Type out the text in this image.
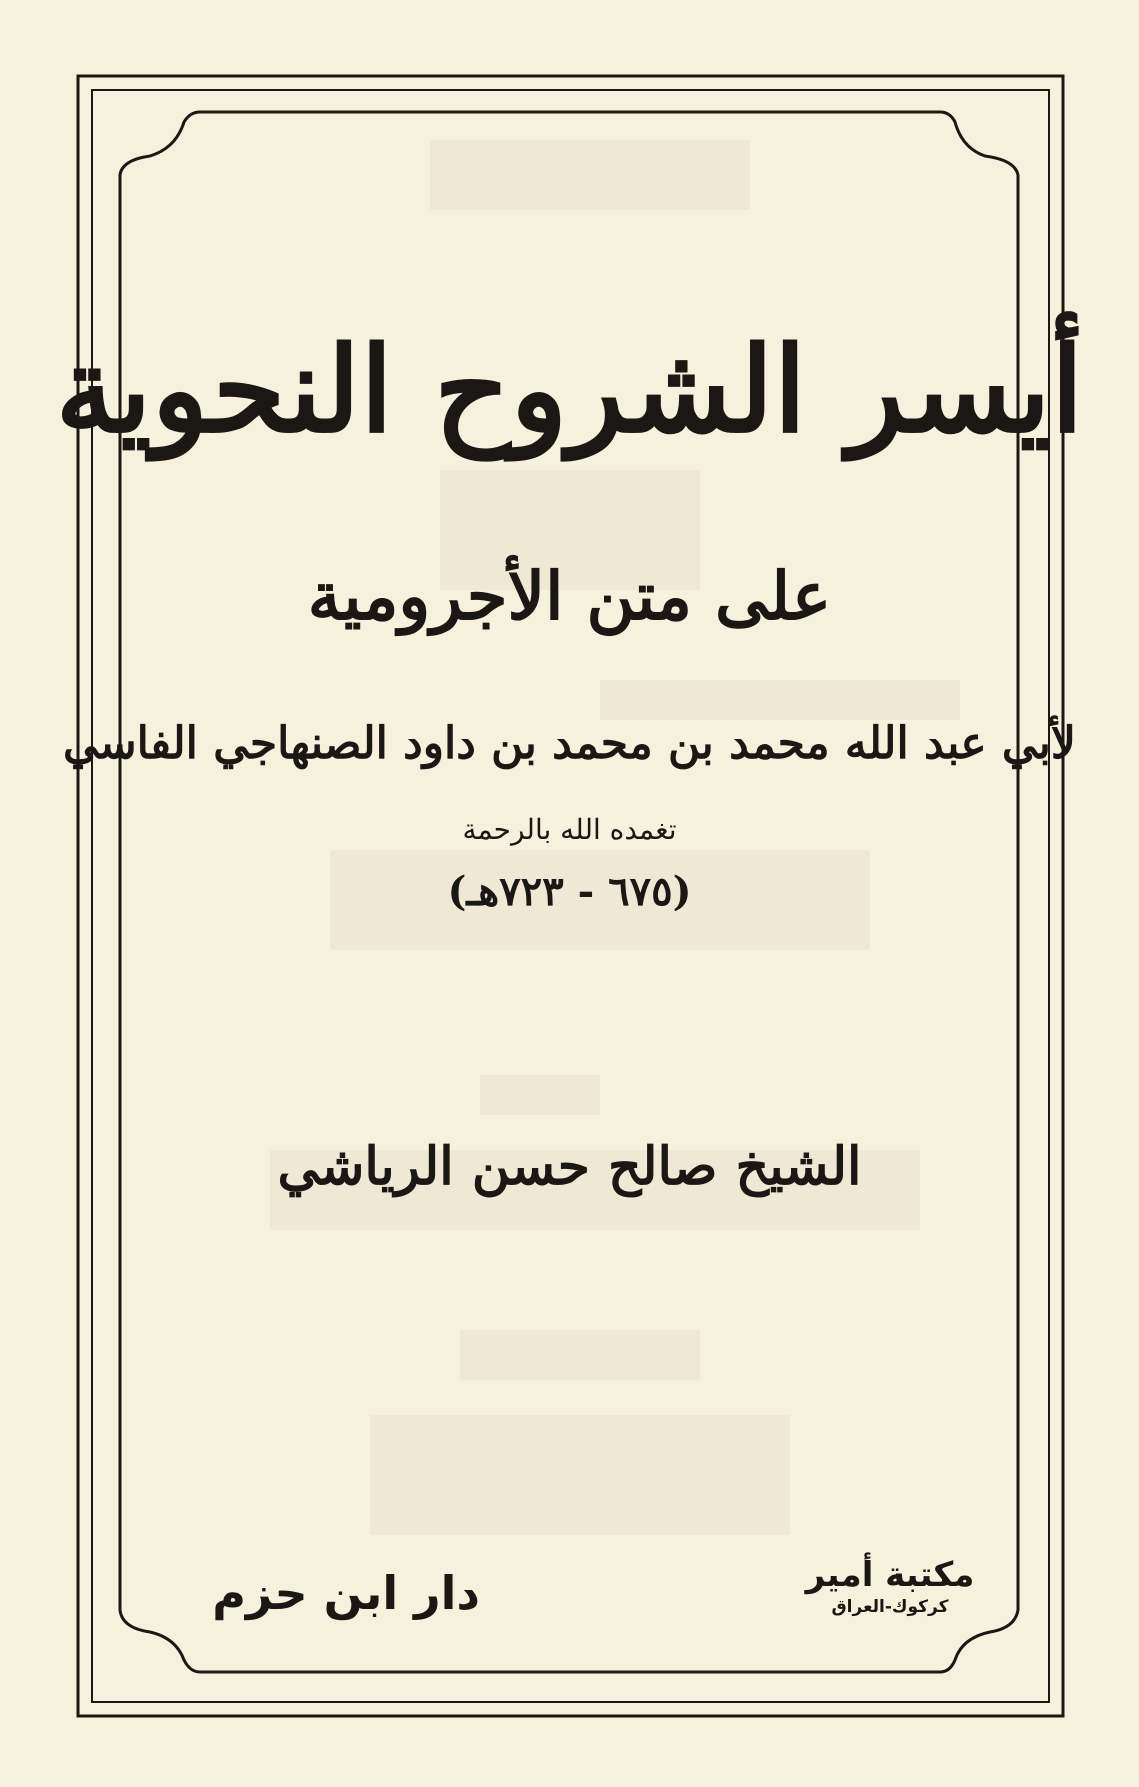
أيسر الشروح النحوية
على متن الأجرومية
لأبي عبد الله محمد بن محمد بن داود الصنهاجي الفاسي
تغمده الله بالرحمة
(٦٧٥ - ٧٢٣هـ)
الشيخ صالح حسن الرياشي
دار ابن حزم	مكتبة أمير
كركوك-العراق
